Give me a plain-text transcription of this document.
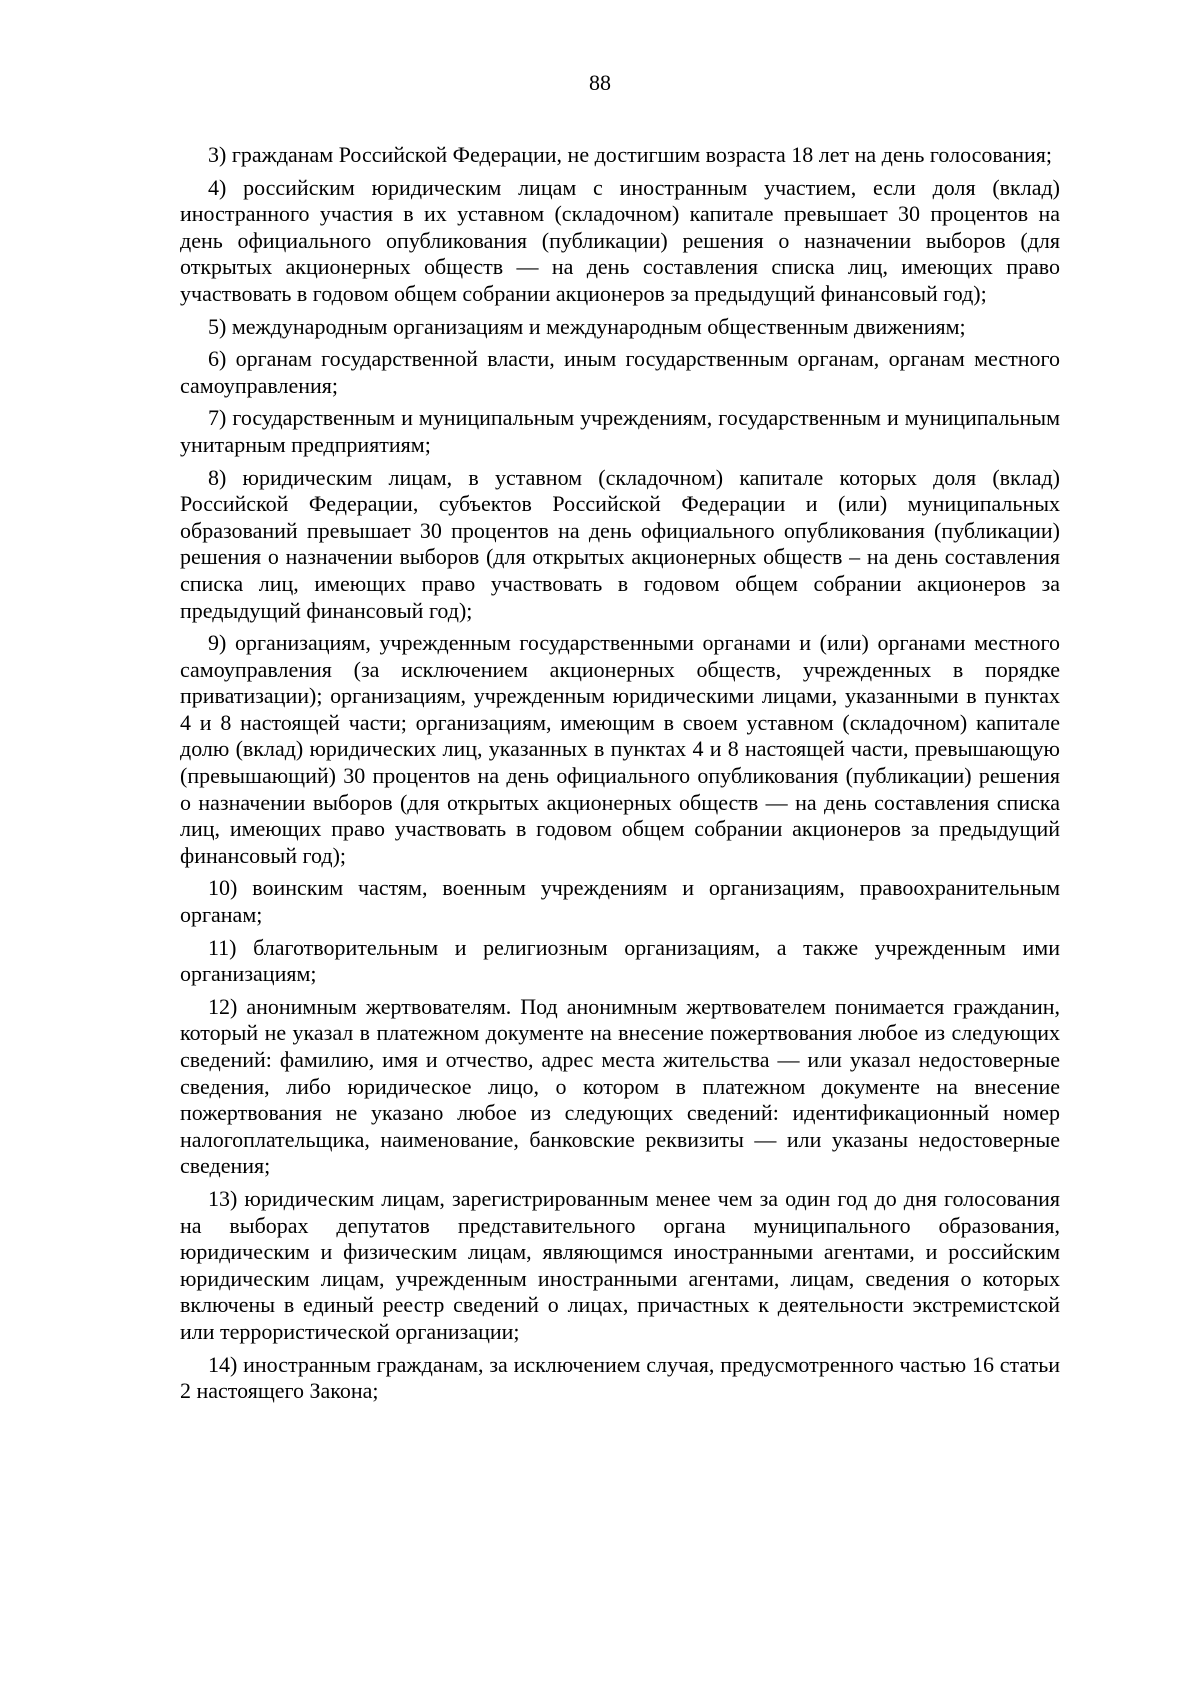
88

3) гражданам Российской Федерации, не достигшим возраста 18 лет на день голосования;

4) российским юридическим лицам с иностранным участием, если доля (вклад) иностранного участия в их уставном (складочном) капитале превышает 30 процентов на день официального опубликования (публикации) решения о назначении выборов (для открытых акционерных обществ — на день составления списка лиц, имеющих право участвовать в годовом общем собрании акционеров за предыдущий финансовый год);

5) международным организациям и международным общественным движениям;

6) органам государственной власти, иным государственным органам, органам местного самоуправления;

7) государственным и муниципальным учреждениям, государственным и муниципальным унитарным предприятиям;

8) юридическим лицам, в уставном (складочном) капитале которых доля (вклад) Российской Федерации, субъектов Российской Федерации и (или) муниципальных образований превышает 30 процентов на день официального опубликования (публикации) решения о назначении выборов (для открытых акционерных обществ – на день составления списка лиц, имеющих право участвовать в годовом общем собрании акционеров за предыдущий финансовый год);

9) организациям, учрежденным государственными органами и (или) органами местного самоуправления (за исключением акционерных обществ, учрежденных в порядке приватизации); организациям, учрежденным юридическими лицами, указанными в пунктах 4 и 8 настоящей части; организациям, имеющим в своем уставном (складочном) капитале долю (вклад) юридических лиц, указанных в пунктах 4 и 8 настоящей части, превышающую (превышающий) 30 процентов на день официального опубликования (публикации) решения о назначении выборов (для открытых акционерных обществ — на день составления списка лиц, имеющих право участвовать в годовом общем собрании акционеров за предыдущий финансовый год);

10) воинским частям, военным учреждениям и организациям, правоохранительным органам;

11) благотворительным и религиозным организациям, а также учрежденным ими организациям;

12) анонимным жертвователям. Под анонимным жертвователем понимается гражданин, который не указал в платежном документе на внесение пожертвования любое из следующих сведений: фамилию, имя и отчество, адрес места жительства — или указал недостоверные сведения, либо юридическое лицо, о котором в платежном документе на внесение пожертвования не указано любое из следующих сведений: идентификационный номер налогоплательщика, наименование, банковские реквизиты — или указаны недостоверные сведения;

13) юридическим лицам, зарегистрированным менее чем за один год до дня голосования на выборах депутатов представительного органа муниципального образования, юридическим и физическим лицам, являющимся иностранными агентами, и российским юридическим лицам, учрежденным иностранными агентами, лицам, сведения о которых включены в единый реестр сведений о лицах, причастных к деятельности экстремистской или террористической организации;

14) иностранным гражданам, за исключением случая, предусмотренного частью 16 статьи 2 настоящего Закона;
